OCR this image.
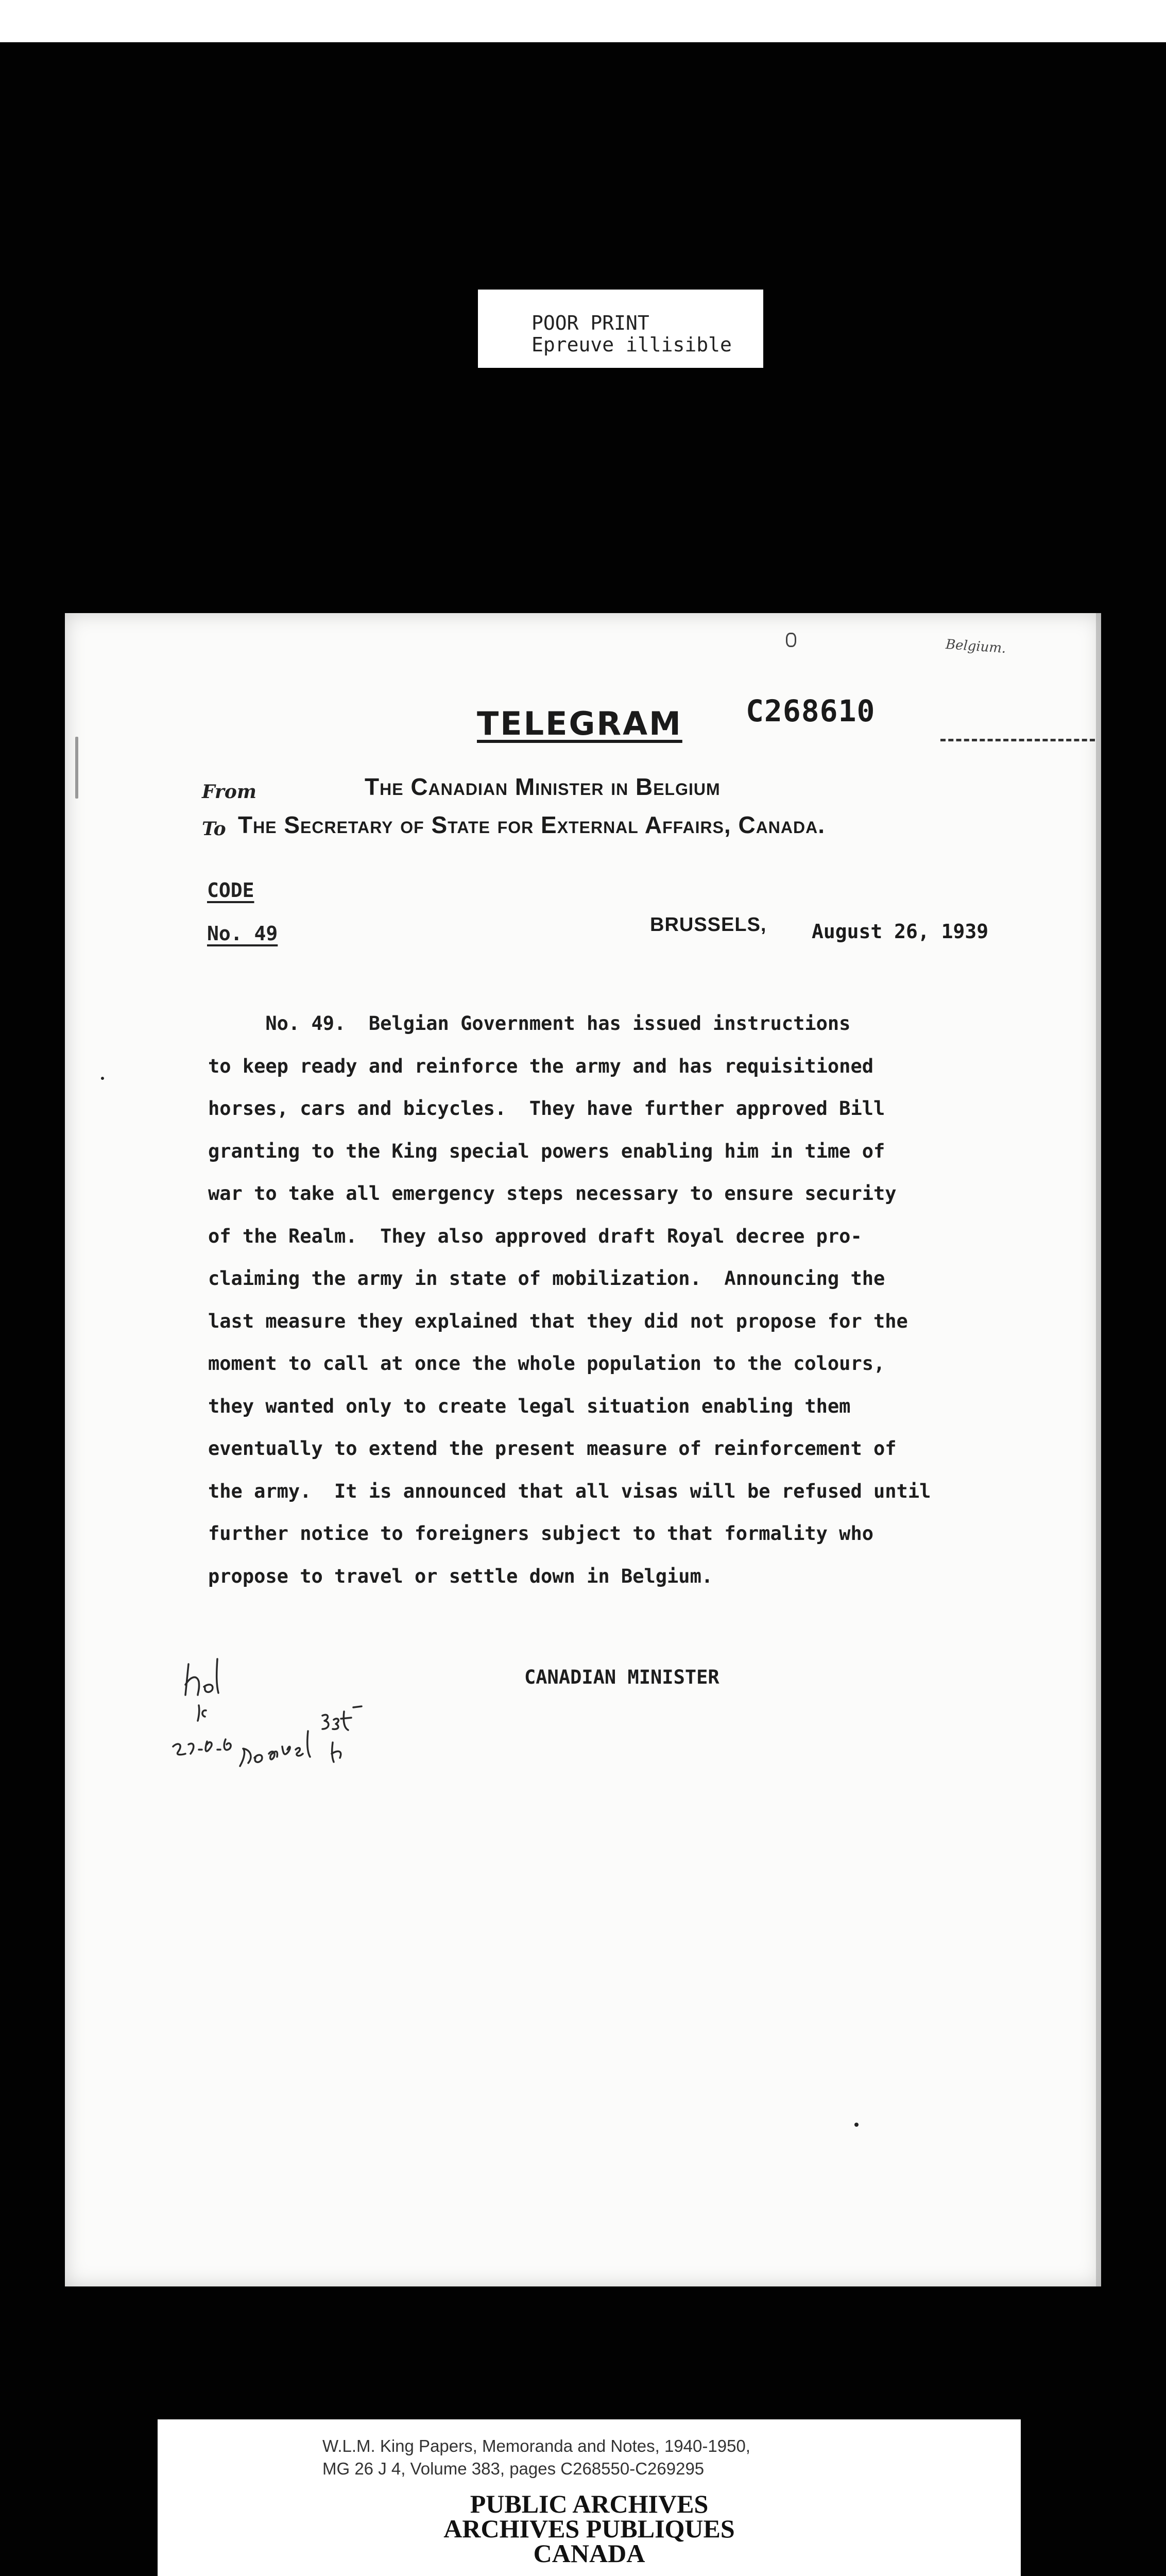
POOR PRINT
Epreuve illisible
Belgium.
TELEGRAM C268610
From	The Canadian Minister in Belgium
To The Secretary of State for External Affairs, Canada.
CODE
No. 49	BRUSSELS, August 26, 1939
No. 49.  Belgian Government has issued instructions
to keep ready and reinforce the army and has requisitioned
horses, cars and bicycles.  They have further approved Bill
granting to the King special powers enabling him in time of
war to take all emergency steps necessary to ensure security
of the Realm.  They also approved draft Royal decree pro-
claiming the army in state of mobilization.  Announcing the
last measure they explained that they did not propose for the
moment to call at once the whole population to the colours,
they wanted only to create legal situation enabling them
eventually to extend the present measure of reinforcement of
the army.  It is announced that all visas will be refused until
further notice to foreigners subject to that formality who
propose to travel or settle down in Belgium.
CANADIAN MINISTER
W.L.M. King Papers, Memoranda and Notes, 1940-1950,
MG 26 J 4, Volume 383, pages C268550-C269295
PUBLIC ARCHIVES
ARCHIVES PUBLIQUES
CANADA
